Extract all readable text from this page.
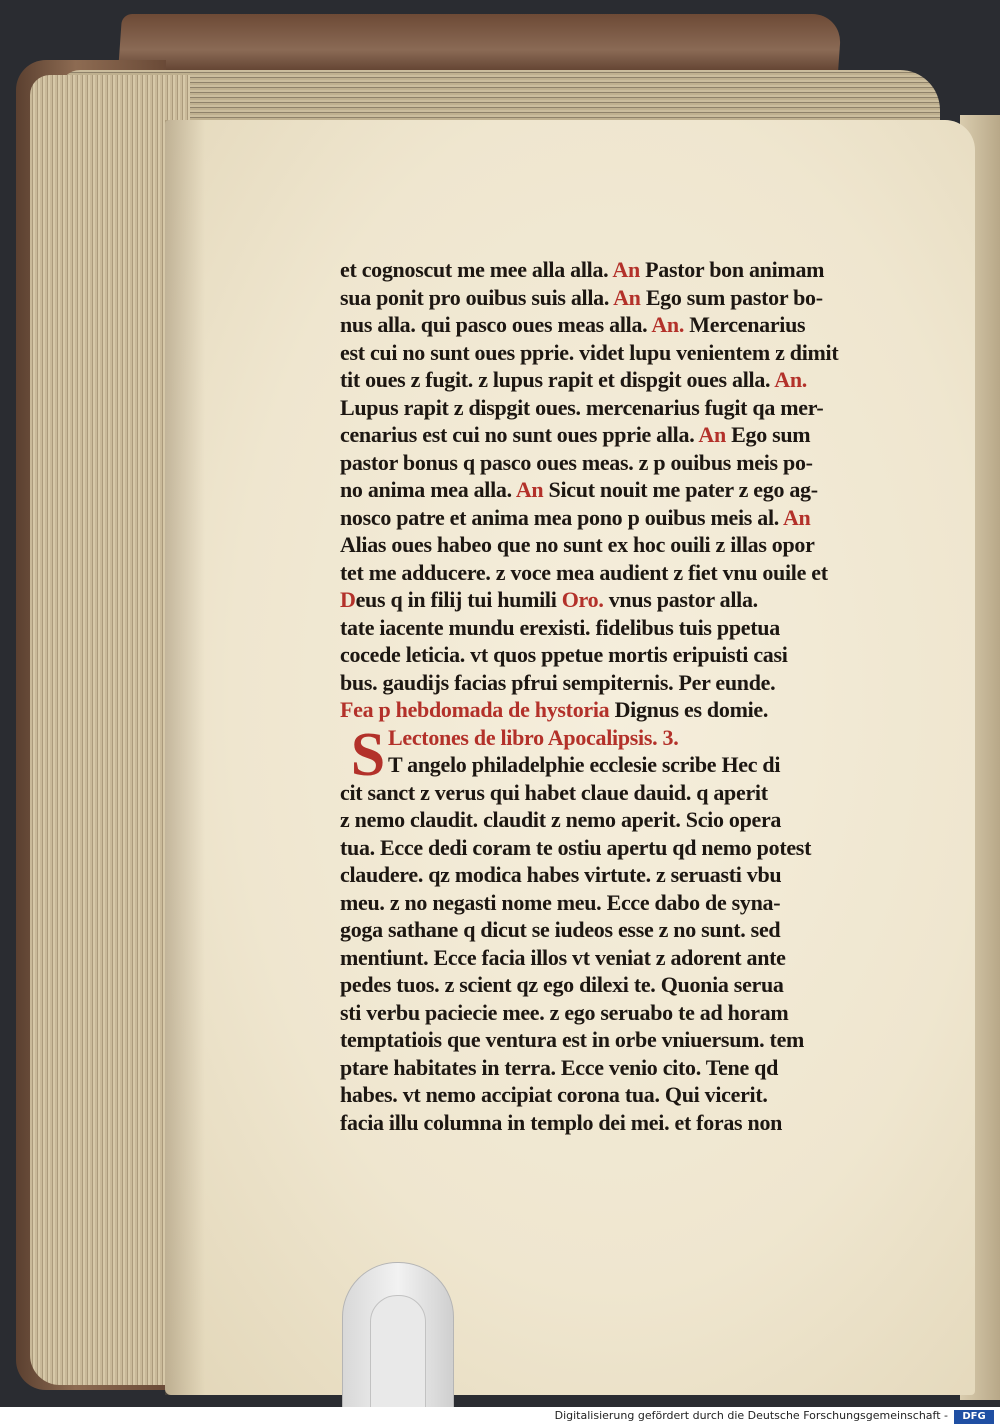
S
et cognoscut me mee alla alla. An Pastor bon animam
sua ponit pro ouibus suis alla. An Ego sum pastor bo-
nus alla. qui pasco oues meas alla. An. Mercenarius
est cui no sunt oues pprie. videt lupu venientem z dimit
tit oues z fugit. z lupus rapit et dispgit oues alla. An.
Lupus rapit z dispgit oues. mercenarius fugit qa mer-
cenarius est cui no sunt oues pprie alla. An Ego sum
pastor bonus q pasco oues meas. z p ouibus meis po-
no anima mea alla. An Sicut nouit me pater z ego ag-
nosco patre et anima mea pono p ouibus meis al. An
Alias oues habeo que no sunt ex hoc ouili z illas opor
tet me adducere. z voce mea audient z fiet vnu ouile et
Deus q in filij tui humili Oro. vnus pastor alla.
tate iacente mundu erexisti. fidelibus tuis ppetua
cocede leticia. vt quos ppetue mortis eripuisti casi
bus. gaudijs facias pfrui sempiternis. Per eunde.
Fea p hebdomada de hystoria Dignus es domie.
Lectones de libro Apocalipsis. 3.
T angelo philadelphie ecclesie scribe Hec di
cit sanct z verus qui habet claue dauid. q aperit
z nemo claudit. claudit z nemo aperit. Scio opera
tua. Ecce dedi coram te ostiu apertu qd nemo potest
claudere. qz modica habes virtute. z seruasti vbu
meu. z no negasti nome meu. Ecce dabo de syna-
goga sathane q dicut se iudeos esse z no sunt. sed
mentiunt. Ecce facia illos vt veniat z adorent ante
pedes tuos. z scient qz ego dilexi te. Quonia serua
sti verbu paciecie mee. z ego seruabo te ad horam
temptatiois que ventura est in orbe vniuersum. tem
ptare habitates in terra. Ecce venio cito. Tene qd
habes. vt nemo accipiat corona tua. Qui vicerit.
facia illu columna in templo dei mei. et foras non
Digitalisierung gefördert durch die Deutsche Forschungsgemeinschaft -	DFG
